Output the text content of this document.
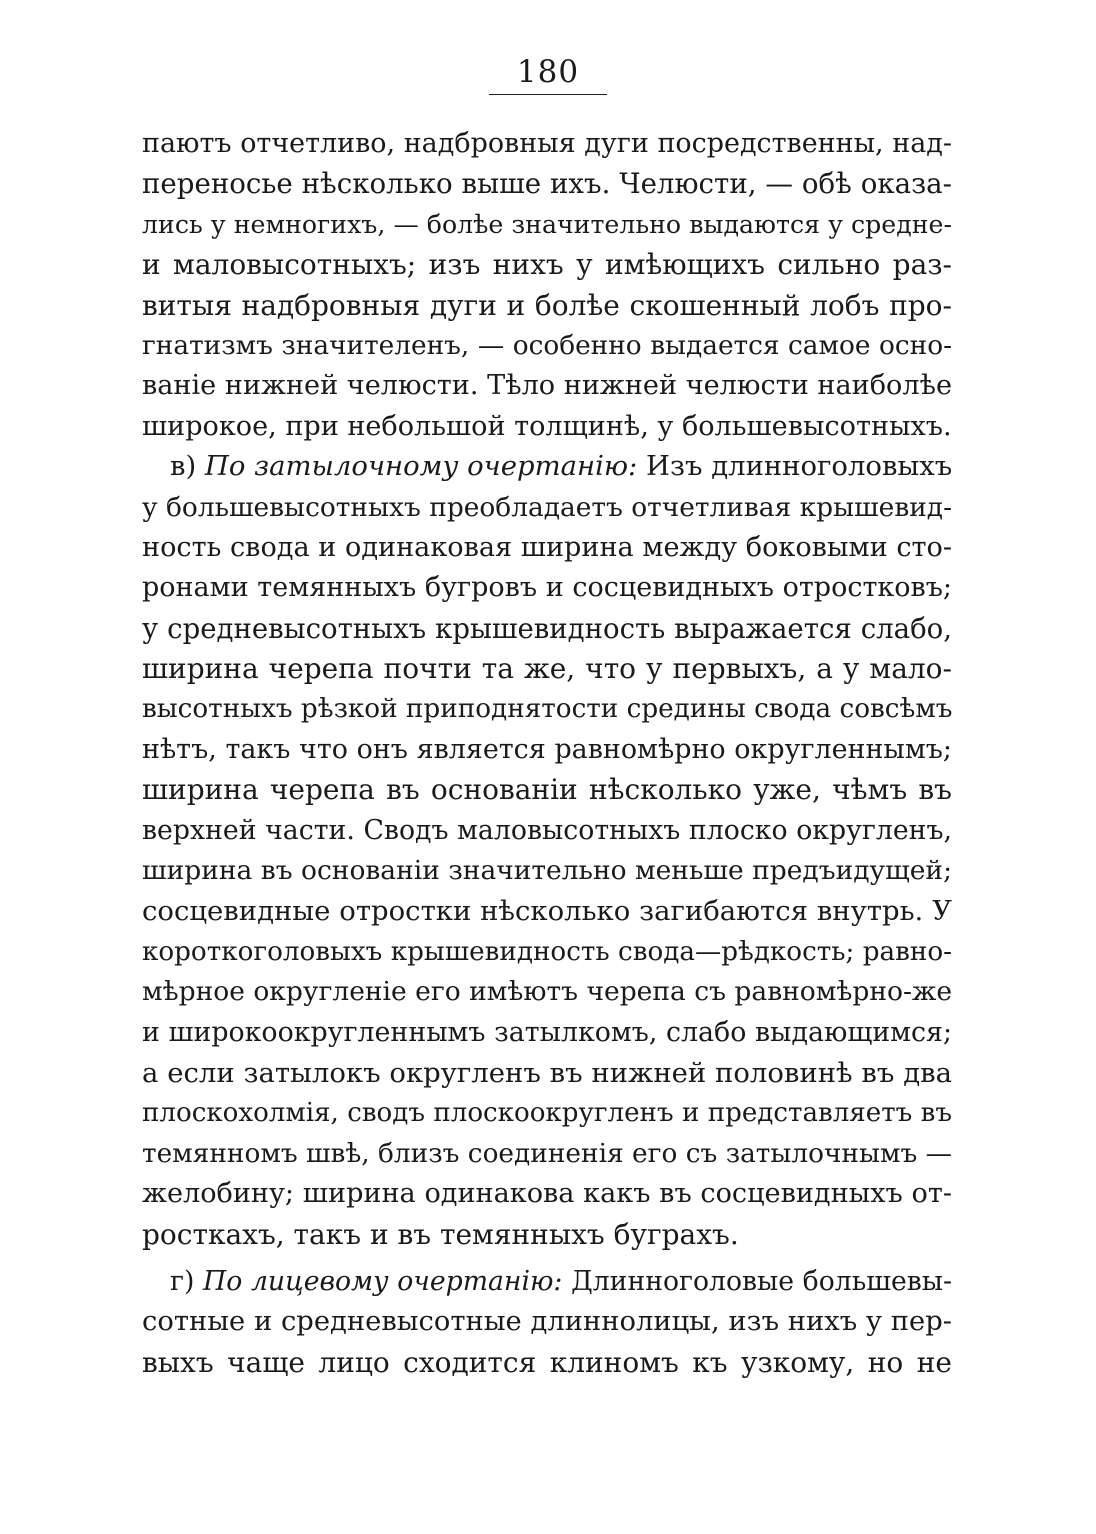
180
паютъ отчетливо, надбровныя дуги посредственны, над-
переносье нѣсколько выше ихъ. Челюсти, — обѣ оказа-
лись у немногихъ, — болѣе значительно выдаются у средне-
и маловысотныхъ; изъ нихъ у имѣющихъ сильно раз-
витыя надбровныя дуги и болѣе скошенный лобъ про-
гнатизмъ значителенъ, — особенно выдается самое осно-
ванiе нижней челюсти. Тѣло нижней челюсти наиболѣе
широкое, при небольшой толщинѣ, у большевысотныхъ.
в) По затылочному очертанiю: Изъ длинноголовыхъ
у большевысотныхъ преобладаетъ отчетливая крышевид-
ность свода и одинаковая ширина между боковыми сто-
ронами темянныхъ бугровъ и сосцевидныхъ отростковъ;
у средневысотныхъ крышевидность выражается слабо,
ширина черепа почти та же, что у первыхъ, а у мало-
высотныхъ рѣзкой приподнятости средины свода совсѣмъ
нѣтъ, такъ что онъ является равномѣрно округленнымъ;
ширина черепа въ основанiи нѣсколько уже, чѣмъ въ
верхней части. Сводъ маловысотныхъ плоско округленъ,
ширина въ основанiи значительно меньше предъидущей;
сосцевидные отростки нѣсколько загибаются внутрь. У
короткоголовыхъ крышевидность свода—рѣдкость; равно-
мѣрное округленiе его имѣютъ черепа съ равномѣрно-же
и широкоокругленнымъ затылкомъ, слабо выдающимся;
а если затылокъ округленъ въ нижней половинѣ въ два
плоскохолмiя, сводъ плоскоокругленъ и представляетъ въ
темянномъ швѣ, близъ соединенiя его съ затылочнымъ —
желобину; ширина одинакова какъ въ сосцевидныхъ от-
росткахъ, такъ и въ темянныхъ буграхъ.
г) По лицевому очертанiю: Длинноголовые большевы-
сотные и средневысотные длиннолицы, изъ нихъ у пер-
выхъ чаще лицо сходится клиномъ къ узкому, но не
